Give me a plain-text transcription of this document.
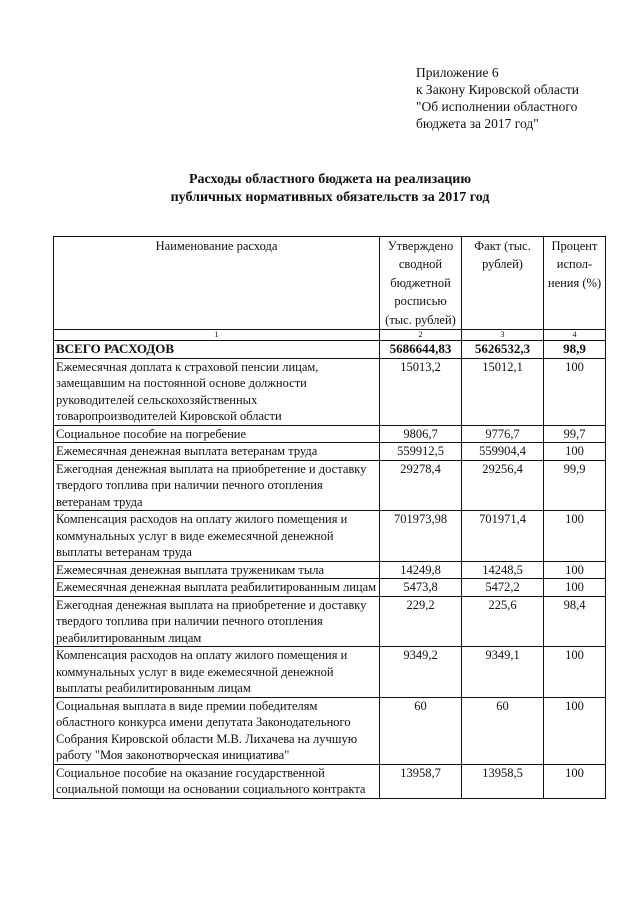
Приложение 6
к Закону Кировской области
"Об исполнении областного
бюджета за 2017 год"
Расходы областного бюджета на реализацию
публичных нормативных обязательств за 2017 год
Наименование расхода	Утверждено сводной бюджетной росписью (тыс. рублей)	Факт (тыс. рублей)	Процент испол-нения (%)
1	2	3	4
ВСЕГО РАСХОДОВ	5686644,83	5626532,3	98,9
Ежемесячная доплата к страховой пенсии лицам, замещавшим на постоянной основе должности руководителей сельскохозяйственных товаропроизводителей Кировской области	15013,2	15012,1	100
Социальное пособие на погребение	9806,7	9776,7	99,7
Ежемесячная денежная выплата ветеранам труда	559912,5	559904,4	100
Ежегодная денежная выплата на приобретение и доставку твердого топлива при наличии печного отопления ветеранам труда	29278,4	29256,4	99,9
Компенсация расходов на оплату жилого помещения и коммунальных услуг в виде ежемесячной денежной выплаты ветеранам труда	701973,98	701971,4	100
Ежемесячная денежная выплата труженикам тыла	14249,8	14248,5	100
Ежемесячная денежная выплата реабилитированным лицам	5473,8	5472,2	100
Ежегодная денежная выплата на приобретение и доставку твердого топлива при наличии печного отопления реабилитированным лицам	229,2	225,6	98,4
Компенсация расходов на оплату жилого помещения и коммунальных услуг в виде ежемесячной денежной выплаты реабилитированным лицам	9349,2	9349,1	100
Социальная выплата в виде премии победителям областного конкурса имени депутата Законодательного Собрания Кировской области М.В. Лихачева на лучшую работу "Моя законотворческая инициатива"	60	60	100
Социальное пособие на оказание государственной социальной помощи на основании социального контракта	13958,7	13958,5	100
